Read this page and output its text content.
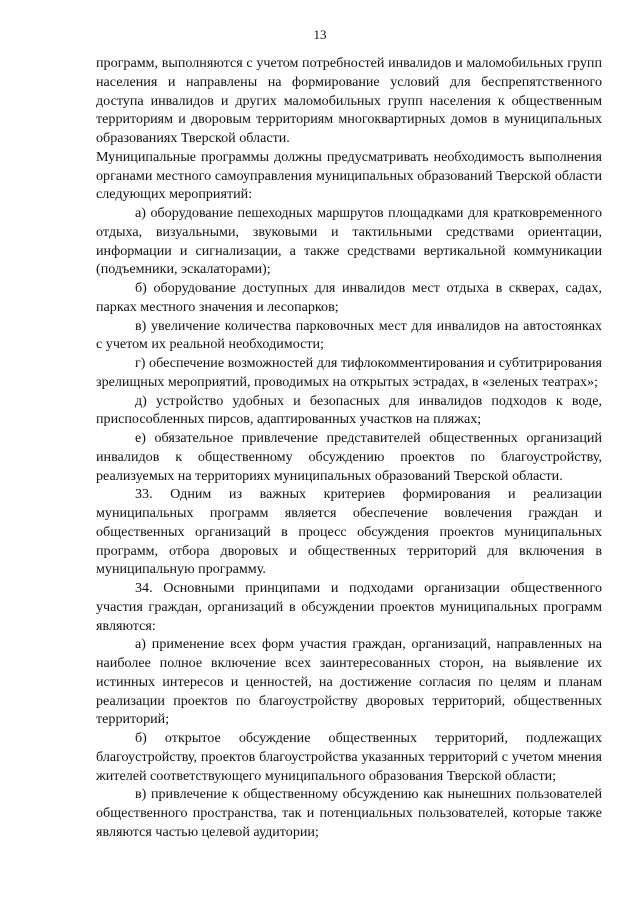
13

программ, выполняются с учетом потребностей инвалидов и маломобильных групп населения и направлены на формирование условий для беспрепятственного доступа инвалидов и других маломобильных групп населения к общественным территориям и дворовым территориям многоквартирных домов в муниципальных образованиях Тверской области.

Муниципальные программы должны предусматривать необходимость выполнения органами местного самоуправления муниципальных образований Тверской области следующих мероприятий:

а) оборудование пешеходных маршрутов площадками для кратковременного отдыха, визуальными, звуковыми и тактильными средствами ориентации, информации и сигнализации, а также средствами вертикальной коммуникации (подъемники, эскалаторами);

б) оборудование доступных для инвалидов мест отдыха в скверах, садах, парках местного значения и лесопарков;

в) увеличение количества парковочных мест для инвалидов на автостоянках с учетом их реальной необходимости;

г) обеспечение возможностей для тифлокомментирования и субтитрирования зрелищных мероприятий, проводимых на открытых эстрадах, в «зеленых театрах»;

д) устройство удобных и безопасных для инвалидов подходов к воде, приспособленных пирсов, адаптированных участков на пляжах;

е) обязательное привлечение представителей общественных организаций инвалидов к общественному обсуждению проектов по благоустройству, реализуемых на территориях муниципальных образований Тверской области.

33. Одним из важных критериев формирования и реализации муниципальных программ является обеспечение вовлечения граждан и общественных организаций в процесс обсуждения проектов муниципальных программ, отбора дворовых и общественных территорий для включения в муниципальную программу.

34. Основными принципами и подходами организации общественного участия граждан, организаций в обсуждении проектов муниципальных программ являются:

а) применение всех форм участия граждан, организаций, направленных на наиболее полное включение всех заинтересованных сторон, на выявление их истинных интересов и ценностей, на достижение согласия по целям и планам реализации проектов по благоустройству дворовых территорий, общественных территорий;

б) открытое обсуждение общественных территорий, подлежащих благоустройству, проектов благоустройства указанных территорий с учетом мнения жителей соответствующего муниципального образования Тверской области;

в) привлечение к общественному обсуждению как нынешних пользователей общественного пространства, так и потенциальных пользователей, которые также являются частью целевой аудитории;
